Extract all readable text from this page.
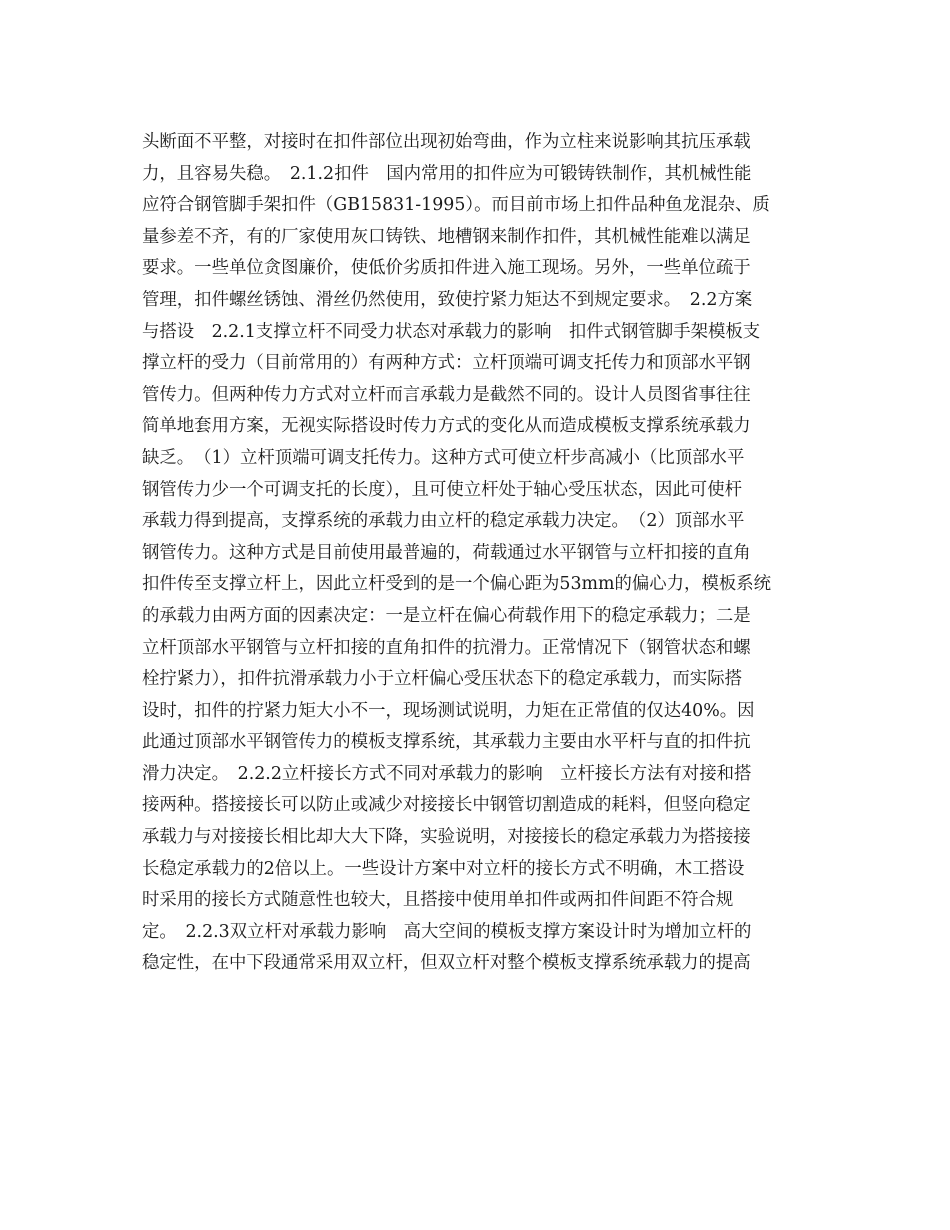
头断面不平整，对接时在扣件部位出现初始弯曲，作为立柱来说影响其抗压承载
力，且容易失稳。　2.1.2扣件　国内常用的扣件应为可锻铸铁制作，其机械性能
应符合钢管脚手架扣件（GB15831-1995）。而目前市场上扣件品种鱼龙混杂、质
量参差不齐，有的厂家使用灰口铸铁、地槽钢来制作扣件，其机械性能难以满足
要求。一些单位贪图廉价，使低价劣质扣件进入施工现场。另外，一些单位疏于
管理，扣件螺丝锈蚀、滑丝仍然使用，致使拧紧力矩达不到规定要求。　2.2方案
与搭设　2.2.1支撑立杆不同受力状态对承载力的影响　扣件式钢管脚手架模板支
撑立杆的受力（目前常用的）有两种方式：立杆顶端可调支托传力和顶部水平钢
管传力。但两种传力方式对立杆而言承载力是截然不同的。设计人员图省事往往
简单地套用方案，无视实际搭设时传力方式的变化从而造成模板支撑系统承载力
缺乏。　（1）立杆顶端可调支托传力。这种方式可使立杆步高减小（比顶部水平
钢管传力少一个可调支托的长度），且可使立杆处于轴心受压状态，因此可使杆
承载力得到提高，支撑系统的承载力由立杆的稳定承载力决定。　（2）顶部水平
钢管传力。这种方式是目前使用最普遍的，荷载通过水平钢管与立杆扣接的直角
扣件传至支撑立杆上，因此立杆受到的是一个偏心距为53mm的偏心力，模板系统
的承载力由两方面的因素决定：一是立杆在偏心荷载作用下的稳定承载力；二是
立杆顶部水平钢管与立杆扣接的直角扣件的抗滑力。正常情况下（钢管状态和螺
栓拧紧力），扣件抗滑承载力小于立杆偏心受压状态下的稳定承载力，而实际搭
设时，扣件的拧紧力矩大小不一，现场测试说明，力矩在正常值的仅达40%。因
此通过顶部水平钢管传力的模板支撑系统，其承载力主要由水平杆与直的扣件抗
滑力决定。　2.2.2立杆接长方式不同对承载力的影响　立杆接长方法有对接和搭
接两种。搭接接长可以防止或减少对接接长中钢管切割造成的耗料，但竖向稳定
承载力与对接接长相比却大大下降，实验说明，对接接长的稳定承载力为搭接接
长稳定承载力的2倍以上。一些设计方案中对立杆的接长方式不明确，木工搭设
时采用的接长方式随意性也较大，且搭接中使用单扣件或两扣件间距不符合规
定。　2.2.3双立杆对承载力影响　高大空间的模板支撑方案设计时为增加立杆的
稳定性，在中下段通常采用双立杆，但双立杆对整个模板支撑系统承载力的提高
